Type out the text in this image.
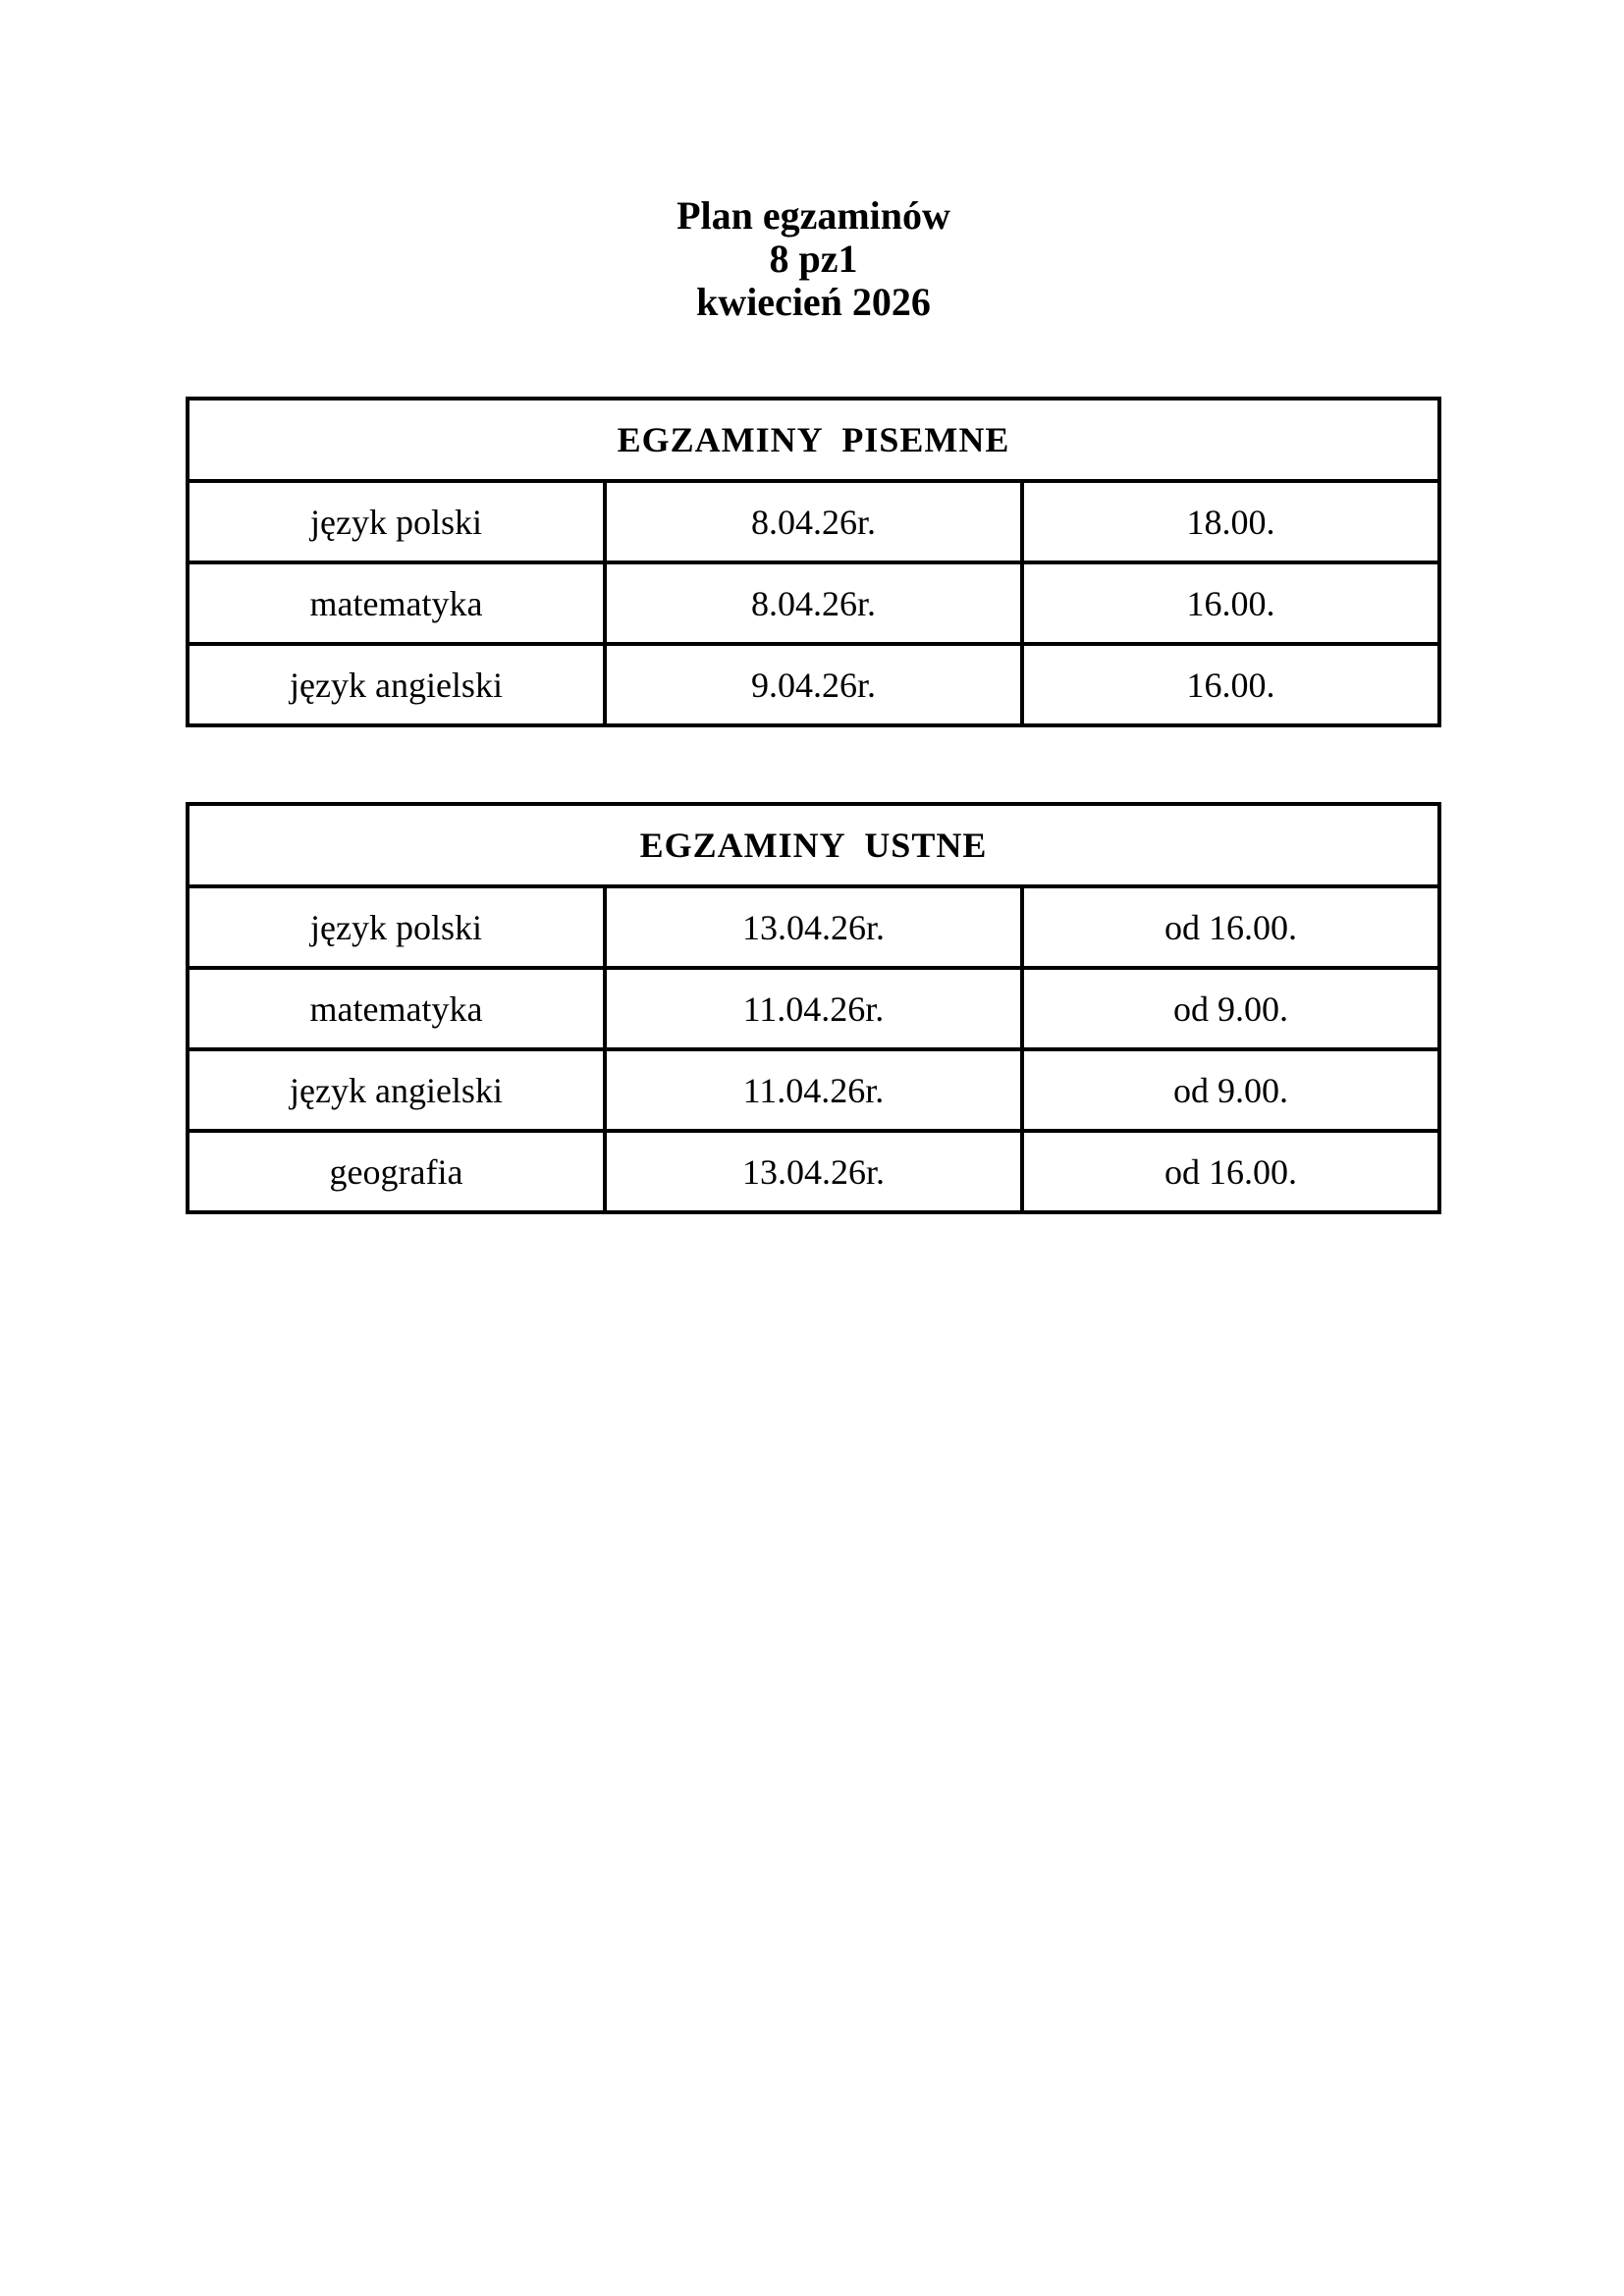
Plan egzaminów
8 pz1
kwiecień 2026
EGZAMINY  PISEMNE		
język polski	8.04.26r.	18.00.
matematyka	8.04.26r.	16.00.
język angielski	9.04.26r.	16.00.
EGZAMINY  USTNE		
język polski	13.04.26r.	od 16.00.
matematyka	11.04.26r.	od 9.00.
język angielski	11.04.26r.	od 9.00.
geografia	13.04.26r.	od 16.00.
